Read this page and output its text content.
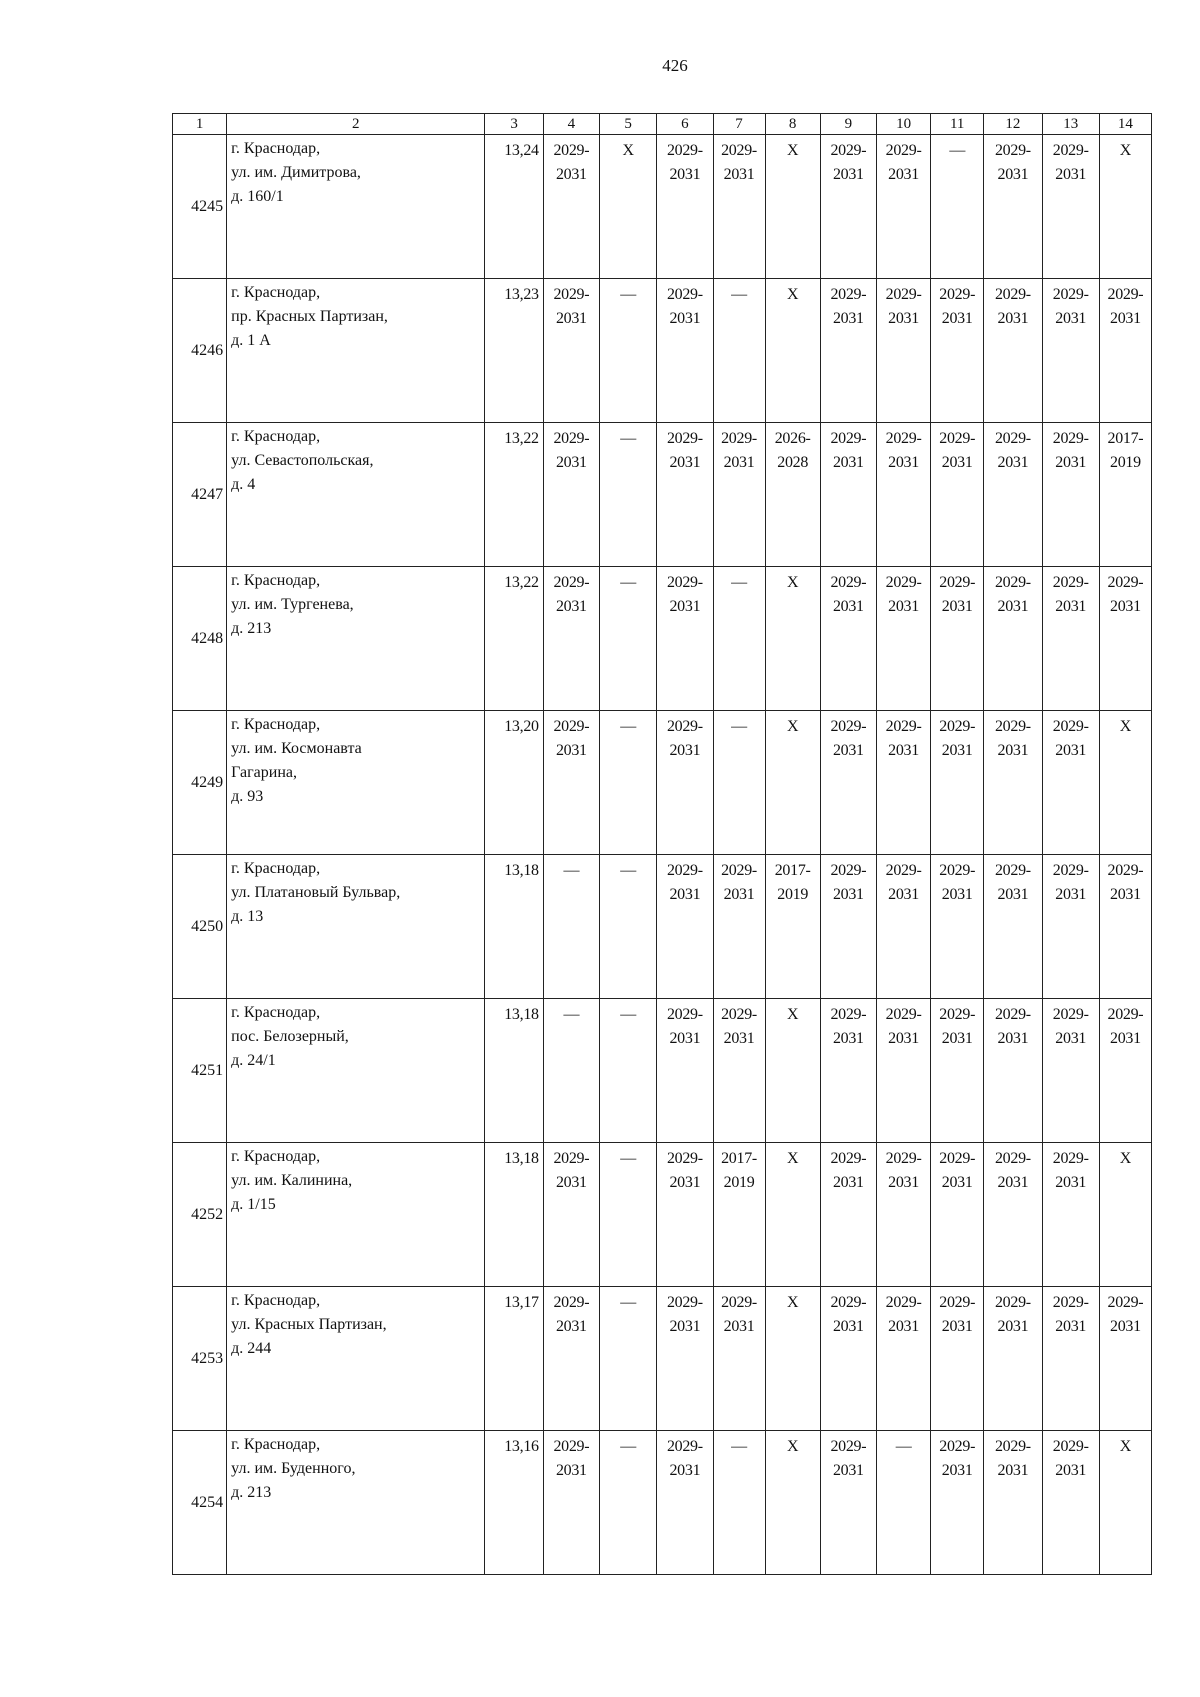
426
1	2	3	4	5	6	7	8	9	10	11	12	13	14
4245	г. Краснодар,
ул. им. Димитрова,
д. 160/1	13,24	2029-
2031	Х	2029-
2031	2029-
2031	Х	2029-
2031	2029-
2031	—	2029-
2031	2029-
2031	Х

4246	г. Краснодар,
пр. Красных Партизан,
д. 1 А	13,23	2029-
2031	—	2029-
2031	—	Х	2029-
2031	2029-
2031	2029-
2031	2029-
2031	2029-
2031	2029-
2031

4247	г. Краснодар,
ул. Севастопольская,
д. 4	13,22	2029-
2031	—	2029-
2031	2029-
2031	2026-
2028	2029-
2031	2029-
2031	2029-
2031	2029-
2031	2029-
2031	2017-
2019

4248	г. Краснодар,
ул. им. Тургенева,
д. 213	13,22	2029-
2031	—	2029-
2031	—	Х	2029-
2031	2029-
2031	2029-
2031	2029-
2031	2029-
2031	2029-
2031

4249	г. Краснодар,
ул. им. Космонавта
Гагарина,
д. 93	13,20	2029-
2031	—	2029-
2031	—	Х	2029-
2031	2029-
2031	2029-
2031	2029-
2031	2029-
2031	Х

4250	г. Краснодар,
ул. Платановый Бульвар,
д. 13	13,18	—	—	2029-
2031	2029-
2031	2017-
2019	2029-
2031	2029-
2031	2029-
2031	2029-
2031	2029-
2031	2029-
2031

4251	г. Краснодар,
пос. Белозерный,
д. 24/1	13,18	—	—	2029-
2031	2029-
2031	Х	2029-
2031	2029-
2031	2029-
2031	2029-
2031	2029-
2031	2029-
2031

4252	г. Краснодар,
ул. им. Калинина,
д. 1/15	13,18	2029-
2031	—	2029-
2031	2017-
2019	Х	2029-
2031	2029-
2031	2029-
2031	2029-
2031	2029-
2031	Х

4253	г. Краснодар,
ул. Красных Партизан,
д. 244	13,17	2029-
2031	—	2029-
2031	2029-
2031	Х	2029-
2031	2029-
2031	2029-
2031	2029-
2031	2029-
2031	2029-
2031

4254	г. Краснодар,
ул. им. Буденного,
д. 213	13,16	2029-
2031	—	2029-
2031	—	Х	2029-
2031	—	2029-
2031	2029-
2031	2029-
2031	Х
